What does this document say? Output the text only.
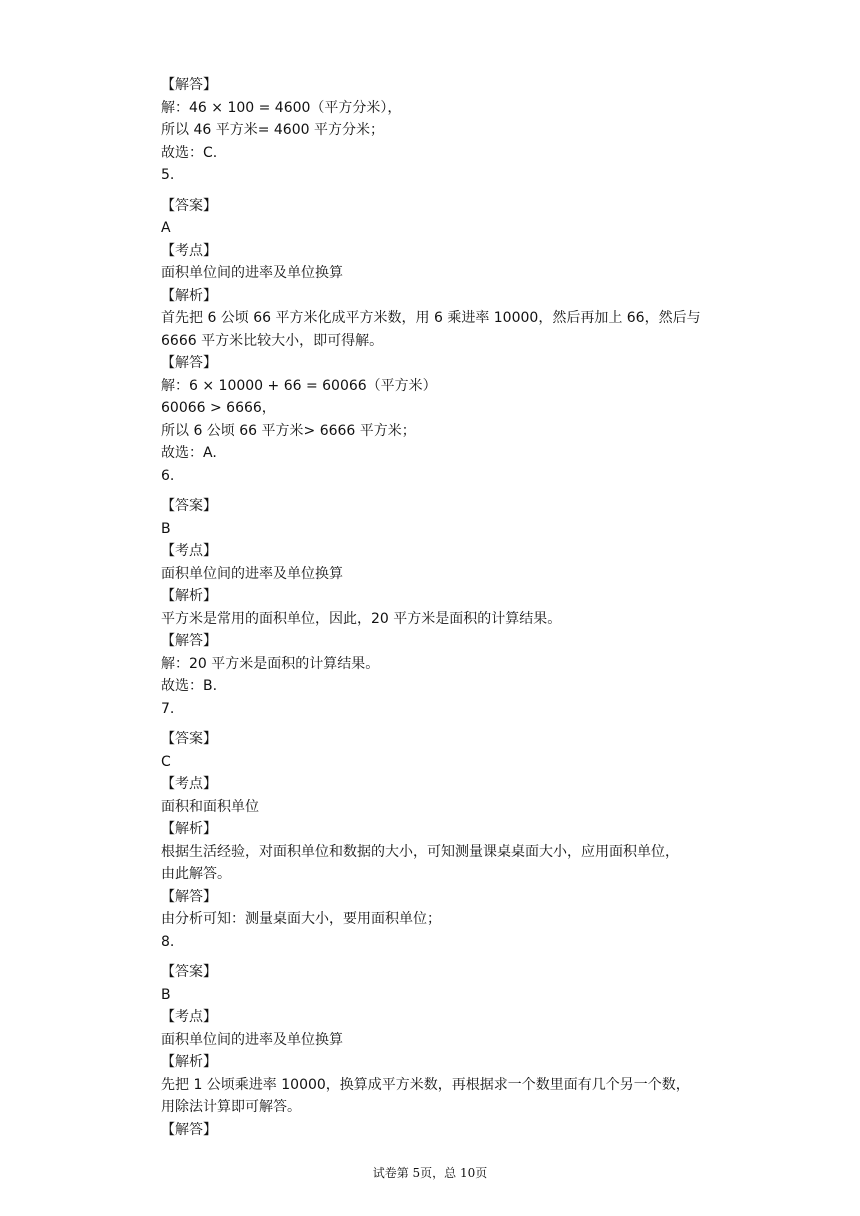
【解答】
解：46 × 100 = 4600（平方分米），
所以 46 平方米= 4600 平方分米；
故选：C.
5.
【答案】
A
【考点】
面积单位间的进率及单位换算
【解析】
首先把 6 公顷 66 平方米化成平方米数，用 6 乘进率 10000，然后再加上 66，然后与
6666 平方米比较大小，即可得解。
【解答】
解：6 × 10000 + 66 = 60066（平方米）
60066 > 6666，
所以 6 公顷 66 平方米> 6666 平方米；
故选：A.
6.
【答案】
B
【考点】
面积单位间的进率及单位换算
【解析】
平方米是常用的面积单位，因此，20 平方米是面积的计算结果。
【解答】
解：20 平方米是面积的计算结果。
故选：B.
7.
【答案】
C
【考点】
面积和面积单位
【解析】
根据生活经验，对面积单位和数据的大小，可知测量课桌桌面大小，应用面积单位，
由此解答。
【解答】
由分析可知：测量桌面大小，要用面积单位；
8.
【答案】
B
【考点】
面积单位间的进率及单位换算
【解析】
先把 1 公顷乘进率 10000，换算成平方米数，再根据求一个数里面有几个另一个数，
用除法计算即可解答。
【解答】
试卷第 5页，总 10页
